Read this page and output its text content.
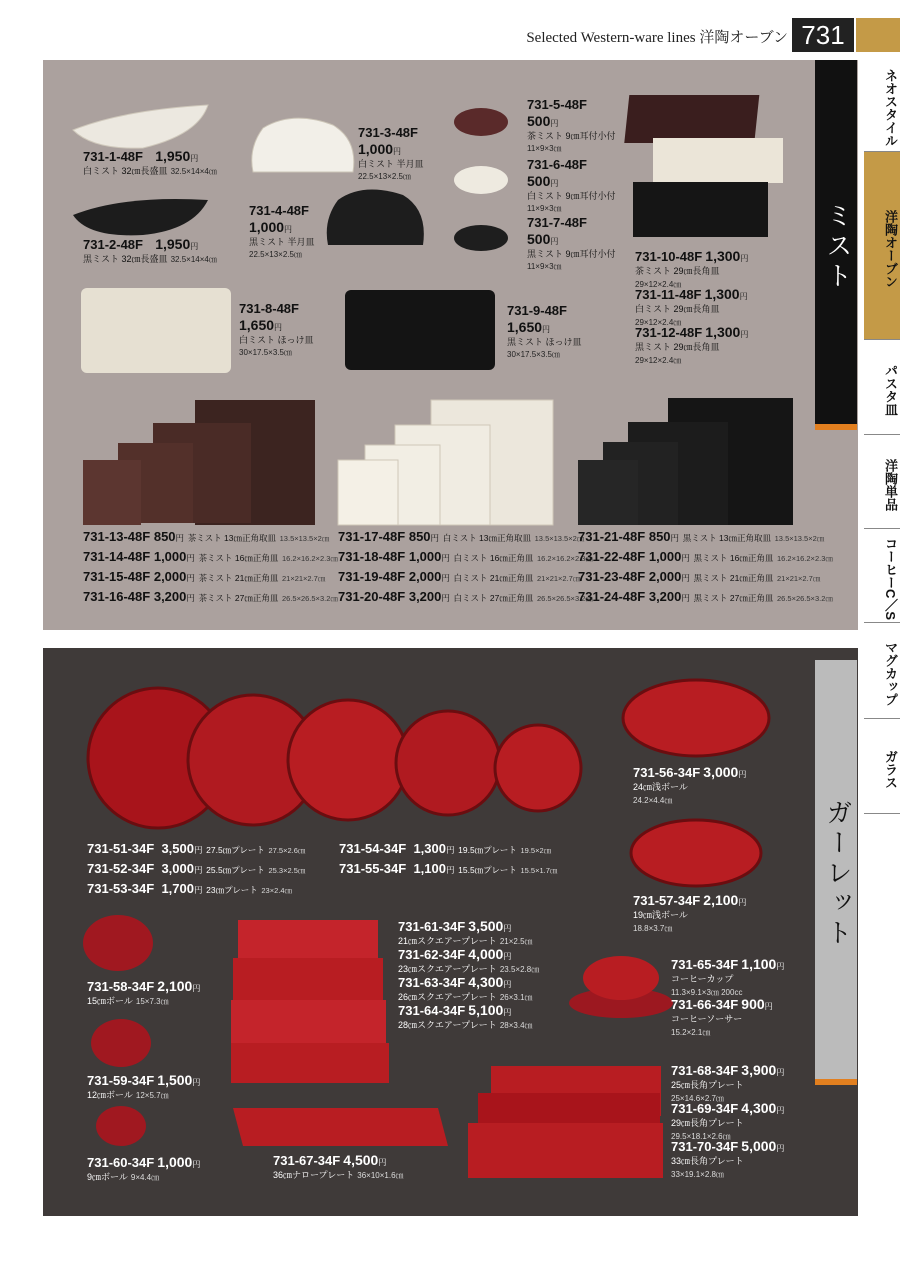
Selected Western-ware lines 洋陶オーブン 731
ネオスタイル
洋陶オーブン
パスタ皿
洋陶単品
コーヒーC／S
マグカップ
ガラス
731-1-48F 1,950円
白ミスト 32㎝長盛皿 32.5×14×4㎝
731-2-48F 1,950円
黒ミスト 32㎝長盛皿 32.5×14×4㎝
731-3-48F
1,000円
白ミスト 半月皿
22.5×13×2.5㎝
731-4-48F
1,000円
黒ミスト 半月皿
22.5×13×2.5㎝
731-5-48F
500円
茶ミスト 9㎝耳付小付
11×9×3㎝
731-6-48F
500円
白ミスト 9㎝耳付小付
11×9×3㎝
731-7-48F
500円
黒ミスト 9㎝耳付小付
11×9×3㎝
731-8-48F
1,650円
白ミスト ほっけ皿
30×17.5×3.5㎝
731-9-48F
1,650円
黒ミスト ほっけ皿
30×17.5×3.5㎝
731-10-48F 1,300円
茶ミスト 29㎝長角皿
29×12×2.4㎝
731-11-48F 1,300円
白ミスト 29㎝長角皿
29×12×2.4㎝
731-12-48F 1,300円
黒ミスト 29㎝長角皿
29×12×2.4㎝
731-13-48F 850円 茶ミスト 13㎝正角取皿 13.5×13.5×2㎝
731-14-48F 1,000円 茶ミスト 16㎝正角皿 16.2×16.2×2.3㎝
731-15-48F 2,000円 茶ミスト 21㎝正角皿 21×21×2.7㎝
731-16-48F 3,200円 茶ミスト 27㎝正角皿 26.5×26.5×3.2㎝
731-17-48F 850円 白ミスト 13㎝正角取皿 13.5×13.5×2㎝
731-18-48F 1,000円 白ミスト 16㎝正角皿 16.2×16.2×2.3㎝
731-19-48F 2,000円 白ミスト 21㎝正角皿 21×21×2.7㎝
731-20-48F 3,200円 白ミスト 27㎝正角皿 26.5×26.5×3.2㎝
731-21-48F 850円 黒ミスト 13㎝正角取皿 13.5×13.5×2㎝
731-22-48F 1,000円 黒ミスト 16㎝正角皿 16.2×16.2×2.3㎝
731-23-48F 2,000円 黒ミスト 21㎝正角皿 21×21×2.7㎝
731-24-48F 3,200円 黒ミスト 27㎝正角皿 26.5×26.5×3.2㎝
ミスト
731-51-34F 3,500円 27.5㎝プレート 27.5×2.6㎝
731-52-34F 3,000円 25.5㎝プレート 25.3×2.5㎝
731-53-34F 1,700円 23㎝プレート 23×2.4㎝
731-54-34F 1,300円 19.5㎝プレート 19.5×2㎝
731-55-34F 1,100円 15.5㎝プレート 15.5×1.7㎝
731-56-34F 3,000円
24㎝浅ボール
24.2×4.4㎝
731-57-34F 2,100円
19㎝浅ボール
18.8×3.7㎝
731-58-34F 2,100円
15㎝ボール 15×7.3㎝
731-59-34F 1,500円
12㎝ボール 12×5.7㎝
731-60-34F 1,000円
9㎝ボール 9×4.4㎝
731-61-34F 3,500円
21㎝スクエアープレート 21×2.5㎝
731-62-34F 4,000円
23㎝スクエアープレート 23.5×2.8㎝
731-63-34F 4,300円
26㎝スクエアープレート 26×3.1㎝
731-64-34F 5,100円
28㎝スクエアープレート 28×3.4㎝
731-65-34F 1,100円
コーヒーカップ
11.3×9.1×3㎝ 200cc
731-66-34F 900円
コーヒーソーサー
15.2×2.1㎝
731-67-34F 4,500円
36㎝ナロープレート 36×10×1.6㎝
731-68-34F 3,900円
25㎝長角プレート
25×14.6×2.7㎝
731-69-34F 4,300円
29㎝長角プレート
29.5×18.1×2.6㎝
731-70-34F 5,000円
33㎝長角プレート
33×19.1×2.8㎝
ガーレット
